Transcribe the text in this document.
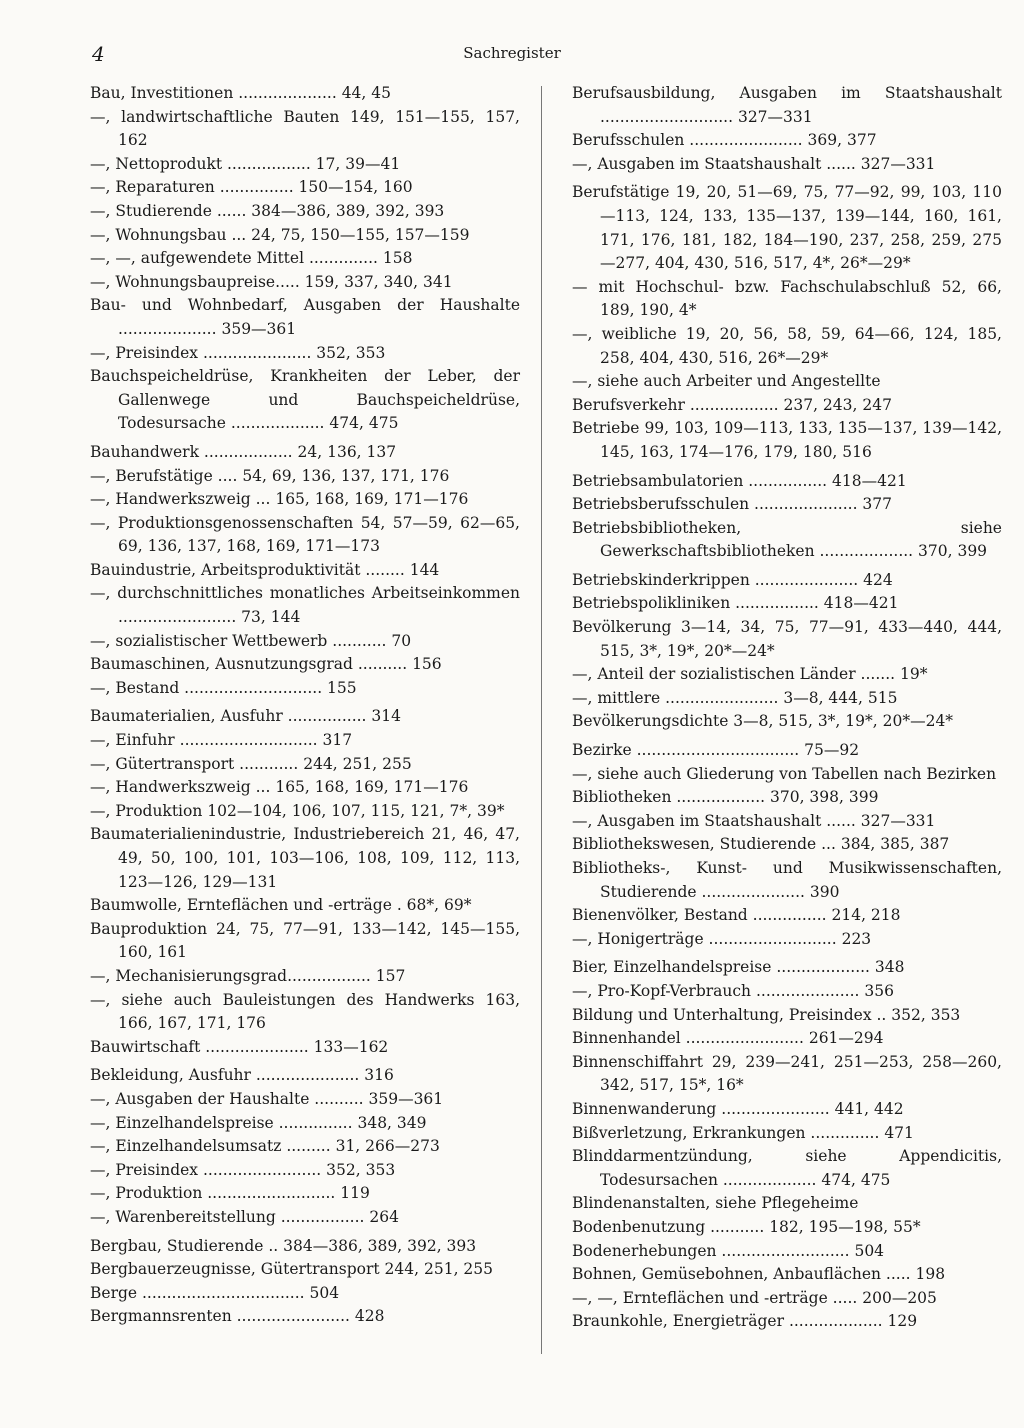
4	Sachregister
Bau, Investitionen .................... 44, 45
—, landwirtschaftliche Bauten 149, 151—155, 157, 162
—, Nettoprodukt ................. 17, 39—41
—, Reparaturen ............... 150—154, 160
—, Studierende ...... 384—386, 389, 392, 393
—, Wohnungsbau ... 24, 75, 150—155, 157—159
—, —, aufgewendete Mittel .............. 158
—, Wohnungsbaupreise..... 159, 337, 340, 341
Bau- und Wohnbedarf, Ausgaben der Haushalte .................... 359—361
—, Preisindex ...................... 352, 353
Bauchspeicheldrüse, Krankheiten der Leber, der Gallenwege und Bauchspeicheldrüse, Todesursache ................... 474, 475
Bauhandwerk .................. 24, 136, 137
—, Berufstätige .... 54, 69, 136, 137, 171, 176
—, Handwerkszweig ... 165, 168, 169, 171—176
—, Produktionsgenossenschaften 54, 57—59, 62—65, 69, 136, 137, 168, 169, 171—173
Bauindustrie, Arbeitsproduktivität ........ 144
—, durchschnittliches monatliches Arbeitseinkommen ........................ 73, 144
—, sozialistischer Wettbewerb ........... 70
Baumaschinen, Ausnutzungsgrad .......... 156
—, Bestand ............................ 155
Baumaterialien, Ausfuhr ................ 314
—, Einfuhr ............................ 317
—, Gütertransport ............ 244, 251, 255
—, Handwerkszweig ... 165, 168, 169, 171—176
—, Produktion 102—104, 106, 107, 115, 121, 7*, 39*
Baumaterialienindustrie, Industriebereich 21, 46, 47, 49, 50, 100, 101, 103—106, 108, 109, 112, 113, 123—126, 129—131
Baumwolle, Ernteflächen und -erträge . 68*, 69*
Bauproduktion 24, 75, 77—91, 133—142, 145—155, 160, 161
—, Mechanisierungsgrad................. 157
—, siehe auch Bauleistungen des Handwerks 163, 166, 167, 171, 176
Bauwirtschaft ..................... 133—162
Bekleidung, Ausfuhr ..................... 316
—, Ausgaben der Haushalte .......... 359—361
—, Einzelhandelspreise ............... 348, 349
—, Einzelhandelsumsatz ......... 31, 266—273
—, Preisindex ........................ 352, 353
—, Produktion .......................... 119
—, Warenbereitstellung ................. 264
Bergbau, Studierende .. 384—386, 389, 392, 393
Bergbauerzeugnisse, Gütertransport 244, 251, 255
Berge ................................. 504
Bergmannsrenten ....................... 428
Berufsausbildung, Ausgaben im Staatshaushalt ........................... 327—331
Berufsschulen ....................... 369, 377
—, Ausgaben im Staatshaushalt ...... 327—331
Berufstätige 19, 20, 51—69, 75, 77—92, 99, 103, 110—113, 124, 133, 135—137, 139—144, 160, 161, 171, 176, 181, 182, 184—190, 237, 258, 259, 275—277, 404, 430, 516, 517, 4*, 26*—29*
— mit Hochschul- bzw. Fachschulabschluß 52, 66, 189, 190, 4*
—, weibliche 19, 20, 56, 58, 59, 64—66, 124, 185, 258, 404, 430, 516, 26*—29*
—, siehe auch Arbeiter und Angestellte
Berufsverkehr .................. 237, 243, 247
Betriebe 99, 103, 109—113, 133, 135—137, 139—142, 145, 163, 174—176, 179, 180, 516
Betriebsambulatorien ................ 418—421
Betriebsberufsschulen ..................... 377
Betriebsbibliotheken, siehe Gewerkschaftsbibliotheken ................... 370, 399
Betriebskinderkrippen ..................... 424
Betriebspolikliniken ................. 418—421
Bevölkerung 3—14, 34, 75, 77—91, 433—440, 444, 515, 3*, 19*, 20*—24*
—, Anteil der sozialistischen Länder ....... 19*
—, mittlere ....................... 3—8, 444, 515
Bevölkerungsdichte 3—8, 515, 3*, 19*, 20*—24*
Bezirke ................................. 75—92
—, siehe auch Gliederung von Tabellen nach Bezirken
Bibliotheken .................. 370, 398, 399
—, Ausgaben im Staatshaushalt ...... 327—331
Bibliothekswesen, Studierende ... 384, 385, 387
Bibliotheks-, Kunst- und Musikwissenschaften, Studierende ..................... 390
Bienenvölker, Bestand ............... 214, 218
—, Honigerträge .......................... 223
Bier, Einzelhandelspreise ................... 348
—, Pro-Kopf-Verbrauch ..................... 356
Bildung und Unterhaltung, Preisindex .. 352, 353
Binnenhandel ........................ 261—294
Binnenschiffahrt 29, 239—241, 251—253, 258—260, 342, 517, 15*, 16*
Binnenwanderung ...................... 441, 442
Bißverletzung, Erkrankungen .............. 471
Blinddarmentzündung, siehe Appendicitis, Todesursachen ................... 474, 475
Blindenanstalten, siehe Pflegeheime
Bodenbenutzung ........... 182, 195—198, 55*
Bodenerhebungen .......................... 504
Bohnen, Gemüsebohnen, Anbauflächen ..... 198
—, —, Ernteflächen und -erträge ..... 200—205
Braunkohle, Energieträger ................... 129
